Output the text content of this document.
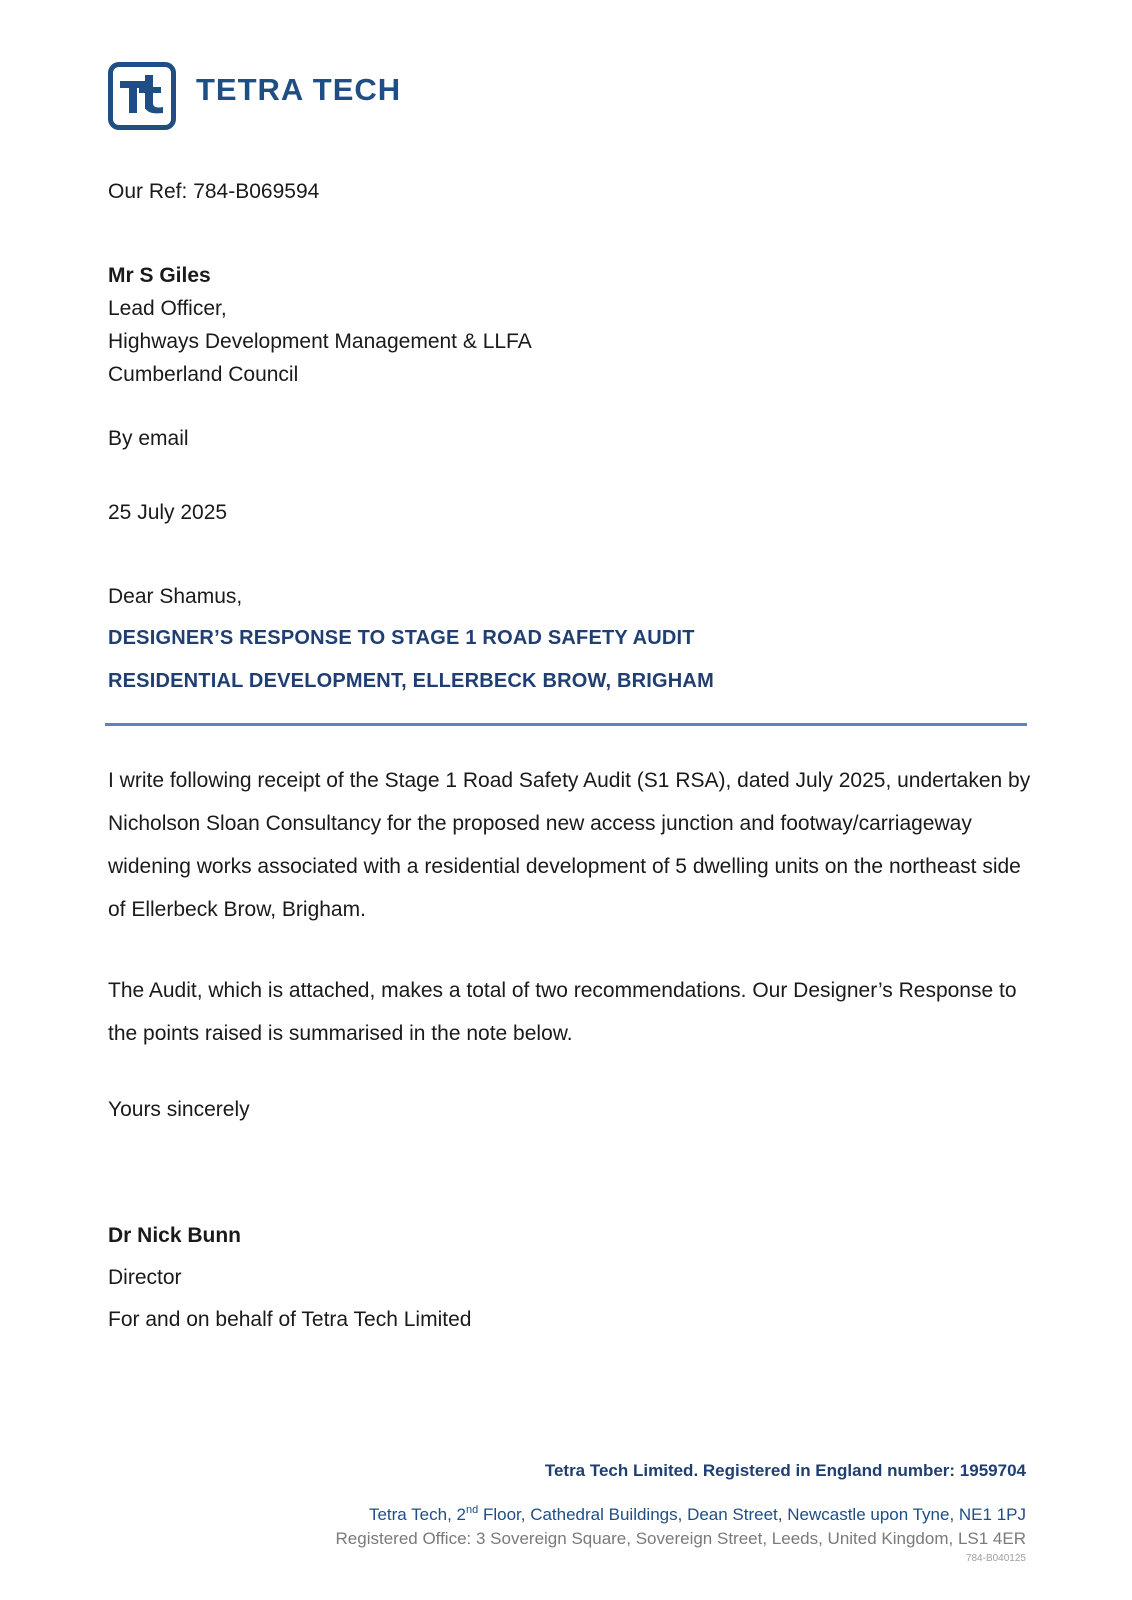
TETRA TECH
Our Ref: 784-B069594
Mr S Giles
Lead Officer,
Highways Development Management & LLFA
Cumberland Council
By email
25 July 2025
Dear Shamus,
DESIGNER’S RESPONSE TO STAGE 1 ROAD SAFETY AUDIT
RESIDENTIAL DEVELOPMENT, ELLERBECK BROW, BRIGHAM
I write following receipt of the Stage 1 Road Safety Audit (S1 RSA), dated July 2025, undertaken by Nicholson Sloan Consultancy for the proposed new access junction and footway/carriageway widening works associated with a residential development of 5 dwelling units on the northeast side of Ellerbeck Brow, Brigham.
The Audit, which is attached, makes a total of two recommendations. Our Designer’s Response to the points raised is summarised in the note below.
Yours sincerely
Dr Nick Bunn
Director
For and on behalf of Tetra Tech Limited
Tetra Tech Limited. Registered in England number: 1959704
Tetra Tech, 2nd Floor, Cathedral Buildings, Dean Street, Newcastle upon Tyne, NE1 1PJ
Registered Office: 3 Sovereign Square, Sovereign Street, Leeds, United Kingdom, LS1 4ER
784-B040125
